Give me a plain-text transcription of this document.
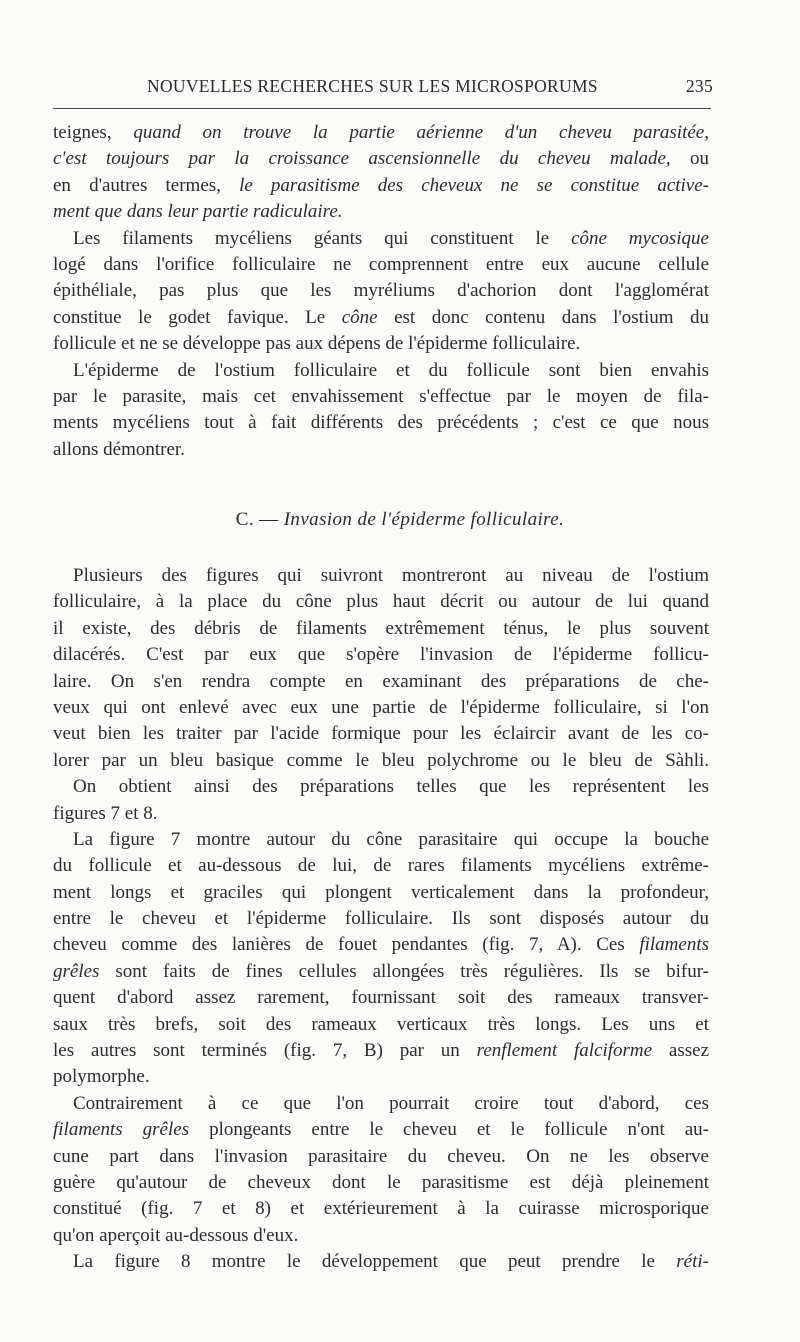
NOUVELLES RECHERCHES SUR LES MICROSPORUMS	235
teignes, quand on trouve la partie aérienne d'un cheveu parasitée,
c'est toujours par la croissance ascensionnelle du cheveu malade, ou
en d'autres termes, le parasitisme des cheveux ne se constitue active-
ment que dans leur partie radiculaire.
Les filaments mycéliens géants qui constituent le cône mycosique
logé dans l'orifice folliculaire ne comprennent entre eux aucune cellule
épithéliale, pas plus que les myréliums d'achorion dont l'agglomérat
constitue le godet favique. Le cône est donc contenu dans l'ostium du
follicule et ne se développe pas aux dépens de l'épiderme folliculaire.
L'épiderme de l'ostium folliculaire et du follicule sont bien envahis
par le parasite, mais cet envahissement s'effectue par le moyen de fila-
ments mycéliens tout à fait différents des précédents ; c'est ce que nous
allons démontrer.
C. — Invasion de l'épiderme folliculaire.
Plusieurs des figures qui suivront montreront au niveau de l'ostium
folliculaire, à la place du cône plus haut décrit ou autour de lui quand
il existe, des débris de filaments extrêmement ténus, le plus souvent
dilacérés. C'est par eux que s'opère l'invasion de l'épiderme follicu-
laire. On s'en rendra compte en examinant des préparations de che-
veux qui ont enlevé avec eux une partie de l'épiderme folliculaire, si l'on
veut bien les traiter par l'acide formique pour les éclaircir avant de les co-
lorer par un bleu basique comme le bleu polychrome ou le bleu de Sàhli.
On obtient ainsi des préparations telles que les représentent les
figures 7 et 8.
La figure 7 montre autour du cône parasitaire qui occupe la bouche
du follicule et au-dessous de lui, de rares filaments mycéliens extrême-
ment longs et graciles qui plongent verticalement dans la profondeur,
entre le cheveu et l'épiderme folliculaire. Ils sont disposés autour du
cheveu comme des lanières de fouet pendantes (fig. 7, A). Ces filaments
grêles sont faits de fines cellules allongées très régulières. Ils se bifur-
quent d'abord assez rarement, fournissant soit des rameaux transver-
saux très brefs, soit des rameaux verticaux très longs. Les uns et
les autres sont terminés (fig. 7, B) par un renflement falciforme assez
polymorphe.
Contrairement à ce que l'on pourrait croire tout d'abord, ces
filaments grêles plongeants entre le cheveu et le follicule n'ont au-
cune part dans l'invasion parasitaire du cheveu. On ne les observe
guère qu'autour de cheveux dont le parasitisme est déjà pleinement
constitué (fig. 7 et 8) et extérieurement à la cuirasse microsporique
qu'on aperçoit au-dessous d'eux.
La figure 8 montre le développement que peut prendre le réti-
